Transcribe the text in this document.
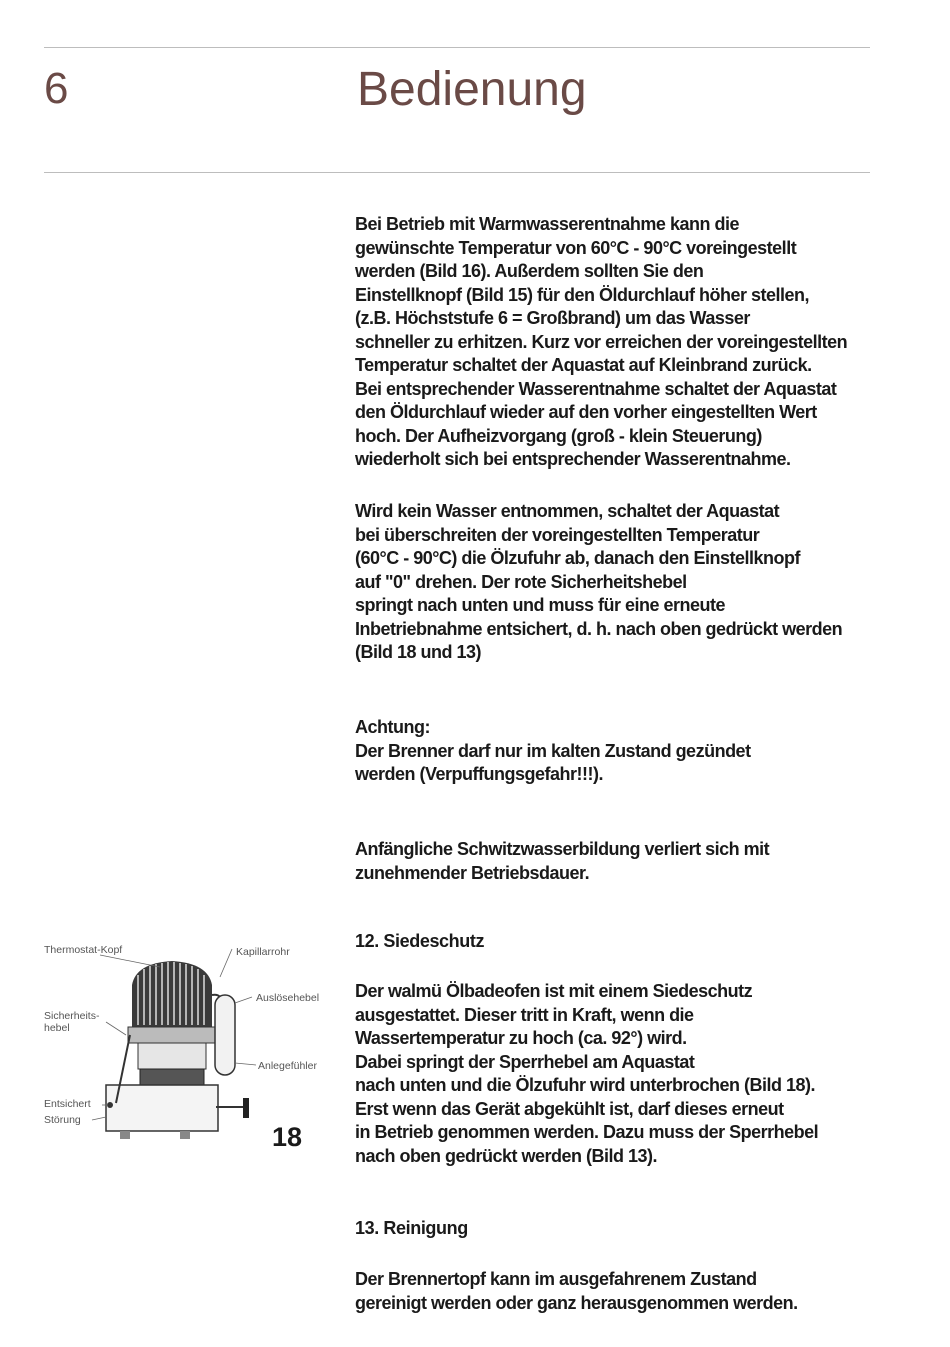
6	Bedienung

Bei Betrieb mit Warmwasserentnahme kann die
gewünschte Temperatur von 60°C - 90°C voreingestellt
werden (Bild 16). Außerdem sollten Sie den
Einstellknopf (Bild 15) für den Öldurchlauf höher stellen,
(z.B. Höchststufe 6 = Großbrand) um das Wasser
schneller zu erhitzen. Kurz vor erreichen der voreingestellten
Temperatur schaltet der Aquastat auf Kleinbrand zurück.
Bei entsprechender Wasserentnahme schaltet der Aquastat
den Öldurchlauf wieder auf den vorher eingestellten Wert
hoch. Der Aufheizvorgang (groß - klein Steuerung)
wiederholt sich bei entsprechender Wasserentnahme.

Wird kein Wasser entnommen, schaltet der Aquastat
bei überschreiten der voreingestellten Temperatur
(60°C - 90°C) die Ölzufuhr ab, danach den Einstellknopf
auf "0" drehen. Der rote Sicherheitshebel
springt nach unten und muss für eine erneute
Inbetriebnahme entsichert, d. h. nach oben gedrückt werden
(Bild 18 und 13)

Achtung:
Der Brenner darf nur im kalten Zustand gezündet
werden (Verpuffungsgefahr!!!).

Anfängliche Schwitzwasserbildung verliert sich mit
zunehmender Betriebsdauer.

12. Siedeschutz

Der walmü Ölbadeofen ist mit einem Siedeschutz
ausgestattet. Dieser tritt in Kraft, wenn die
Wassertemperatur zu hoch (ca. 92°) wird.
Dabei springt der Sperrhebel am Aquastat
nach unten und die Ölzufuhr wird unterbrochen (Bild 18).
Erst wenn das Gerät abgekühlt ist, darf dieses erneut
in Betrieb genommen werden. Dazu muss der Sperrhebel
nach oben gedrückt werden (Bild 13).

13. Reinigung

Der Brennertopf kann im ausgefahrenem Zustand
gereinigt werden oder ganz herausgenommen werden.

Thermostat-Kopf	Kapillarrohr
Auslösehebel
Sicherheits- hebel
Anlegefühler
Entsichert
Störung
18
